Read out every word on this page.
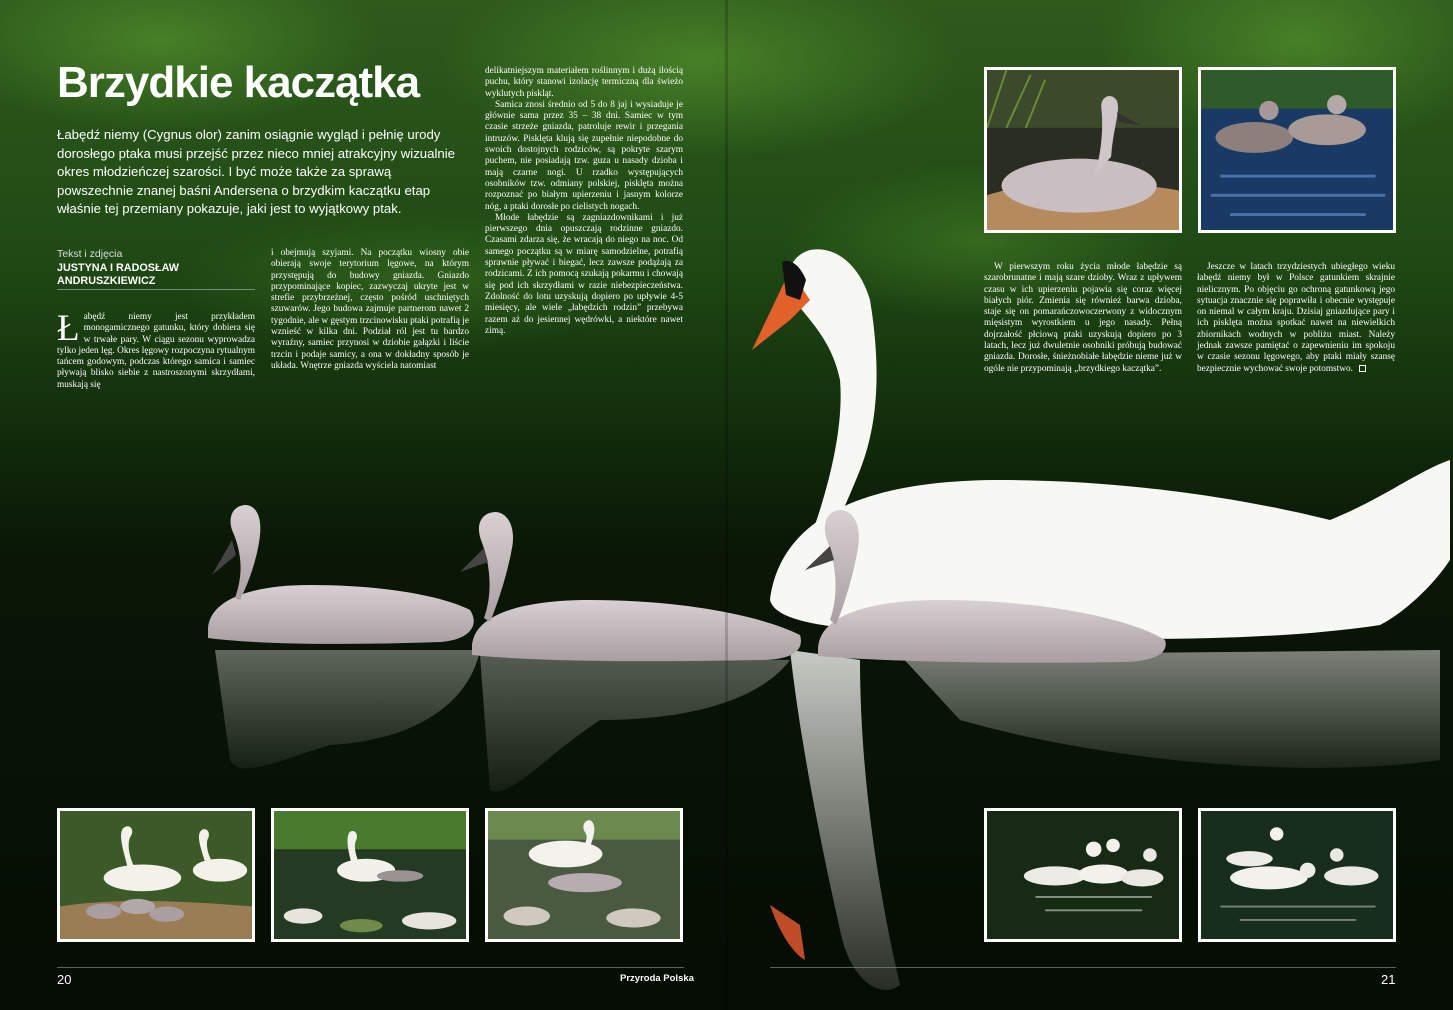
Brzydkie kaczątka

Łabędź niemy (Cygnus olor) zanim osiągnie wygląd i pełnię urody dorosłego ptaka musi przejść przez nieco mniej atrakcyjny wizualnie okres młodzieńczej szarości. I być może także za sprawą powszechnie znanej baśni Andersena o brzydkim kaczątku etap właśnie tej przemiany pokazuje, jaki jest to wyjątkowy ptak.

Tekst i zdjęcia
JUSTYNA I RADOSŁAW ANDRUSZKIEWICZ
Ł abędź niemy jest przykładem monogamicznego gatunku, który dobiera się w trwałe pary. W ciągu sezonu wyprowadza tylko jeden lęg. Okres lęgowy rozpoczyna rytualnym tańcem godowym, podczas którego samica i samiec pływają blisko siebie z nastroszonymi skrzydłami, muskają się

i obejmują szyjami. Na początku wiosny obie obierają swoje terytorium lęgowe, na którym przystępują do budowy gniazda. Gniazdo przypominające kopiec, zazwyczaj ukryte jest w strefie przybrzeżnej, często pośród uschniętych szuwarów. Jego budowa zajmuje partnerom nawet 2 tygodnie, ale w gęstym trzcinowisku ptaki potrafią je wznieść w kilka dni. Podział ról jest tu bardzo wyraźny, samiec przynosi w dziobie gałązki i liście trzcin i podaje samicy, a ona w dokładny sposób je układa. Wnętrze gniazda wyściela natomiast

delikatniejszym materiałem roślinnym i dużą ilością puchu, który stanowi izolację termiczną dla świeżo wyklutych piskląt.

Samica znosi średnio od 5 do 8 jaj i wysiaduje je głównie sama przez 35 – 38 dni. Samiec w tym czasie strzeże gniazda, patroluje rewir i przegania intruzów. Pisklęta klują się zupełnie niepodobne do swoich dostojnych rodziców, są pokryte szarym puchem, nie posiadają tzw. guza u nasady dzioba i mają czarne nogi. U rzadko występujących osobników tzw. odmiany polskiej, pisklęta można rozpoznać po białym upierzeniu i jasnym kolorze nóg, a ptaki dorosłe po cielistych nogach.

Młode łabędzie są zagniazdownikami i już pierwszego dnia opuszczają rodzinne gniazdo. Czasami zdarza się, że wracają do niego na noc. Od samego początku są w miarę samodzielne, potrafią sprawnie pływać i biegać, lecz zawsze podążają za rodzicami. Z ich pomocą szukają pokarmu i chowają się pod ich skrzydłami w razie niebezpieczeństwa. Zdolność do lotu uzyskują dopiero po upływie 4-5 miesięcy, ale wiele „łabędzich rodzin” przebywa razem aż do jesiennej wędrówki, a niektóre nawet zimą.

W pierwszym roku życia młode łabędzie są szarobrunatne i mają szare dzioby. Wraz z upływem czasu w ich upierzeniu pojawia się coraz więcej białych piór. Zmienia się również barwa dzioba, staje się on pomarańczowoczerwony z widocznym mięsistym wyrostkiem u jego nasady. Pełną dojrzałość płciową ptaki uzyskują dopiero po 3 latach, lecz już dwuletnie osobniki próbują budować gniazda. Dorosłe, śnieżnobiałe łabędzie nieme już w ogóle nie przypominają „brzydkiego kaczątka”.

Jeszcze w latach trzydziestych ubiegłego wieku łabędź niemy był w Polsce gatunkiem skrajnie nielicznym. Po objęciu go ochroną gatunkową jego sytuacja znacznie się poprawiła i obecnie występuje on niemal w całym kraju. Dzisiaj gniazdujące pary i ich pisklęta można spotkać nawet na niewielkich zbiornikach wodnych w pobliżu miast. Należy jednak zawsze pamiętać o zapewnieniu im spokoju w czasie sezonu lęgowego, aby ptaki miały szansę bezpiecznie wychować swoje potomstwo.

20	Przyroda Polska	21
